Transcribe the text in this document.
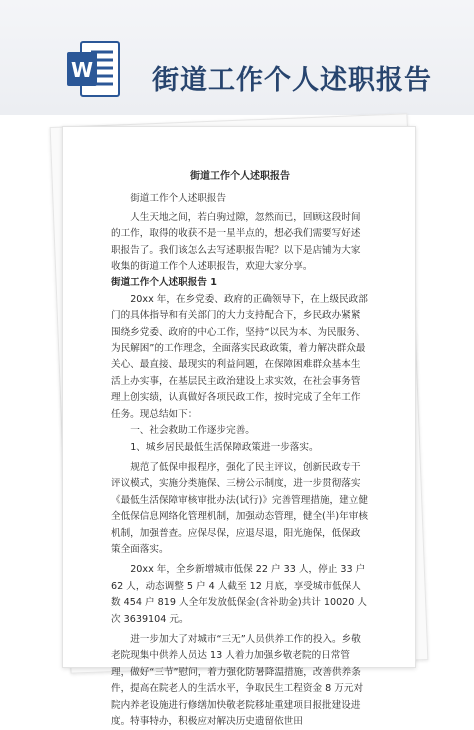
W 街道工作个人述职报告

街道工作个人述职报告

街道工作个人述职报告

人生天地之间，若白驹过隙，忽然而已，回顾这段时间的工作，取得的收获不是一星半点的，想必我们需要写好述职报告了。我们该怎么去写述职报告呢？以下是店铺为大家收集的街道工作个人述职报告，欢迎大家分享。

街道工作个人述职报告 1

20xx 年，在乡党委、政府的正确领导下，在上级民政部门的具体指导和有关部门的大力支持配合下，乡民政办紧紧围绕乡党委、政府的中心工作，坚持“以民为本、为民服务、为民解困”的工作理念，全面落实民政政策，着力解决群众最关心、最直接、最现实的利益问题，在保障困难群众基本生活上办实事，在基层民主政治建设上求实效，在社会事务管理上创实绩，认真做好各项民政工作，按时完成了全年工作任务。现总结如下：

一、社会救助工作逐步完善。

1、城乡居民最低生活保障政策进一步落实。

规范了低保申报程序，强化了民主评议，创新民政专干评议模式，实施分类施保、三榜公示制度，进一步贯彻落实《最低生活保障审核审批办法(试行)》完善管理措施，建立健全低保信息网络化管理机制，加强动态管理，健全(半)年审核机制，加强普查。应保尽保，应退尽退，阳光施保，低保政策全面落实。

20xx 年，全乡新增城市低保 22 户 33 人，停止 33 户 62 人，动态调整 5 户 4 人截至 12 月底，享受城市低保人数 454 户 819 人全年发放低保金(含补助金)共计 10020 人次 3639104 元。

进一步加大了对城市“三无”人员供养工作的投入。乡敬老院现集中供养人员达 13 人着力加强乡敬老院的日常管理，做好“三节”慰问，着力强化防暑降温措施，改善供养条件，提高在院老人的生活水平，争取民生工程资金 8 万元对院内养老设施进行修缮加快敬老院移址重建项目报批建设进度。特事特办，积极应对解决历史遗留依世田
